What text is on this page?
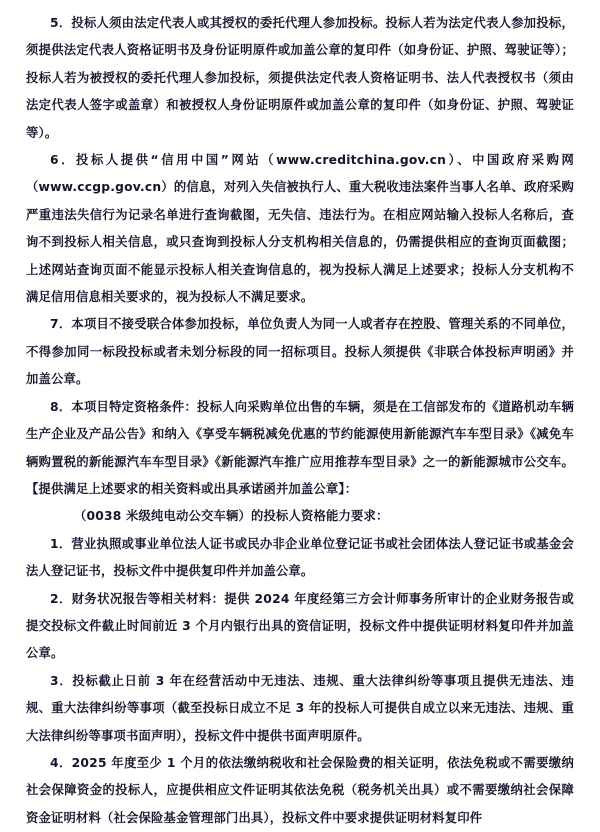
5．投标人须由法定代表人或其授权的委托代理人参加投标。投标人若为法定代表人参加投标，须提供法定代表人资格证明书及身份证明原件或加盖公章的复印件（如身份证、护照、驾驶证等）；投标人若为被授权的委托代理人参加投标，须提供法定代表人资格证明书、法人代表授权书（须由法定代表人签字或盖章）和被授权人身份证明原件或加盖公章的复印件（如身份证、护照、驾驶证等）。

6．投标人提供“信用中国”网站（www.creditchina.gov.cn）、中国政府采购网（www.ccgp.gov.cn）的信息，对列入失信被执行人、重大税收违法案件当事人名单、政府采购严重违法失信行为记录名单进行查询截图，无失信、违法行为。在相应网站输入投标人名称后，查询不到投标人相关信息，或只查询到投标人分支机构相关信息的，仍需提供相应的查询页面截图；上述网站查询页面不能显示投标人相关查询信息的，视为投标人满足上述要求；投标人分支机构不满足信用信息相关要求的，视为投标人不满足要求。

7．本项目不接受联合体参加投标，单位负责人为同一人或者存在控股、管理关系的不同单位，不得参加同一标段投标或者未划分标段的同一招标项目。投标人须提供《非联合体投标声明函》并加盖公章。

8．本项目特定资格条件：投标人向采购单位出售的车辆，须是在工信部发布的《道路机动车辆生产企业及产品公告》和纳入《享受车辆税减免优惠的节约能源使用新能源汽车车型目录》《减免车辆购置税的新能源汽车车型目录》《新能源汽车推广应用推荐车型目录》之一的新能源城市公交车。【提供满足上述要求的相关资料或出具承诺函并加盖公章】：

（0038 米级纯电动公交车辆）的投标人资格能力要求：

1．营业执照或事业单位法人证书或民办非企业单位登记证书或社会团体法人登记证书或基金会法人登记证书，投标文件中提供复印件并加盖公章。

2．财务状况报告等相关材料：提供 2024 年度经第三方会计师事务所审计的企业财务报告或提交投标文件截止时间前近 3 个月内银行出具的资信证明，投标文件中提供证明材料复印件并加盖公章。

3．投标截止日前 3 年在经营活动中无违法、违规、重大法律纠纷等事项且提供无违法、违规、重大法律纠纷等事项（截至投标日成立不足 3 年的投标人可提供自成立以来无违法、违规、重大法律纠纷等事项书面声明），投标文件中提供书面声明原件。

4．2025 年度至少 1 个月的依法缴纳税收和社会保险费的相关证明，依法免税或不需要缴纳社会保障资金的投标人，应提供相应文件证明其依法免税（税务机关出具）或不需要缴纳社会保障资金证明材料（社会保险基金管理部门出具），投标文件中要求提供证明材料复印件
